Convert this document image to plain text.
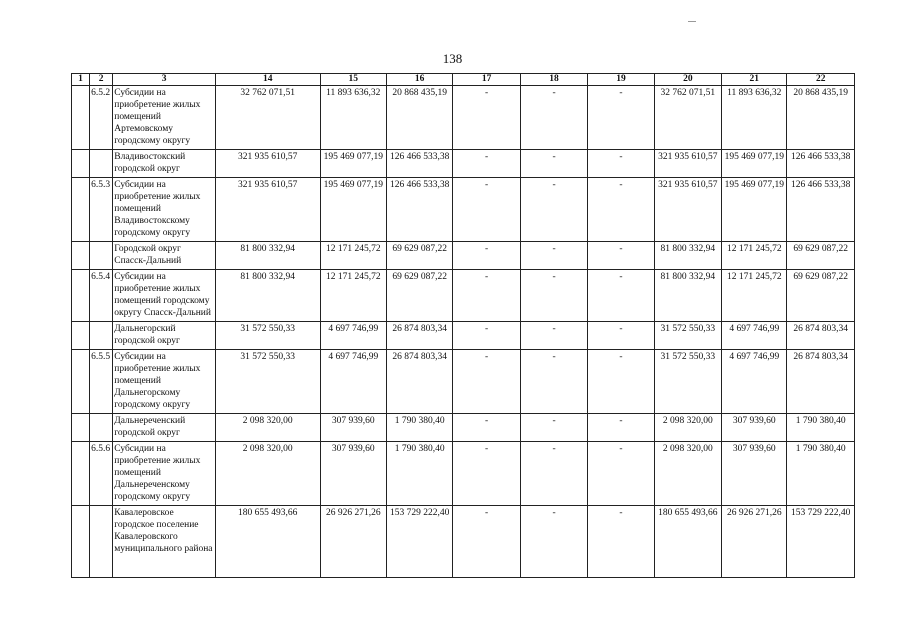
138
1	2	3	14	15	16	17	18	19	20	21	22
	6.5.2	Субсидии на приобретение жилых помещений Артемовскому городскому округу	32 762 071,51	11 893 636,32	20 868 435,19	-	-	-	32 762 071,51	11 893 636,32	20 868 435,19
		Владивостокский городской округ	321 935 610,57	195 469 077,19	126 466 533,38	-	-	-	321 935 610,57	195 469 077,19	126 466 533,38
	6.5.3	Субсидии на приобретение жилых помещений Владивостокскому городскому округу	321 935 610,57	195 469 077,19	126 466 533,38	-	-	-	321 935 610,57	195 469 077,19	126 466 533,38
		Городской округ Спасск-Дальний	81 800 332,94	12 171 245,72	69 629 087,22	-	-	-	81 800 332,94	12 171 245,72	69 629 087,22
	6.5.4	Субсидии на приобретение жилых помещений городскому округу Спасск-Дальний	81 800 332,94	12 171 245,72	69 629 087,22	-	-	-	81 800 332,94	12 171 245,72	69 629 087,22
		Дальнегорский городской округ	31 572 550,33	4 697 746,99	26 874 803,34	-	-	-	31 572 550,33	4 697 746,99	26 874 803,34
	6.5.5	Субсидии на приобретение жилых помещений Дальнегорскому городскому округу	31 572 550,33	4 697 746,99	26 874 803,34	-	-	-	31 572 550,33	4 697 746,99	26 874 803,34
		Дальнереченский городской округ	2 098 320,00	307 939,60	1 790 380,40	-	-	-	2 098 320,00	307 939,60	1 790 380,40
	6.5.6	Субсидии на приобретение жилых помещений Дальнереченскому городскому округу	2 098 320,00	307 939,60	1 790 380,40	-	-	-	2 098 320,00	307 939,60	1 790 380,40
		Кавалеровское городское поселение Кавалеровского муниципального района	180 655 493,66	26 926 271,26	153 729 222,40	-	-	-	180 655 493,66	26 926 271,26	153 729 222,40
